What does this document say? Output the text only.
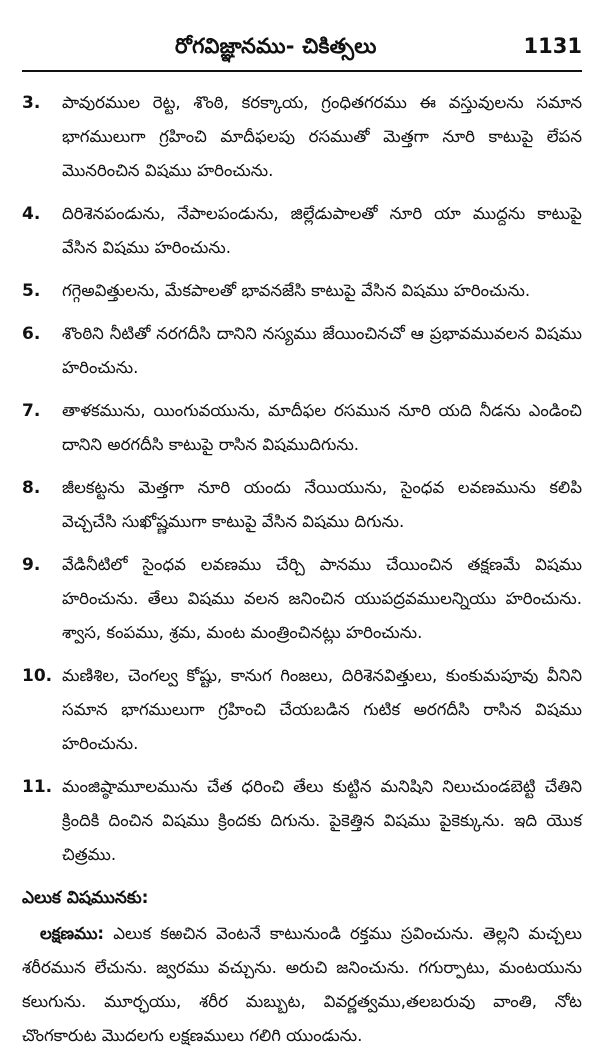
రోగవిజ్ఞానము- చికిత్సలు	1131
3.	పావురముల రెట్ట, శొంఠి, కరక్కాయ, గ్రంధితగరము ఈ వస్తువులను సమాన భాగములుగా గ్రహించి మాదీఫలపు రసముతో మెత్తగా నూరి కాటుపై లేపన మొనరించిన విషము హరించును.
4.	దిరిశెనపండును, నేపాలపండును, జిల్లేడుపాలతో నూరి యా ముద్దను కాటుపై వేసిన విషము హరించును.
5.	గగ్గెఅవిత్తులను, మేకపాలతో భావనజేసి కాటుపై వేసిన విషము హరించును.
6.	శొంఠిని నీటితో నరగదీసి దానిని నస్యము జేయించినచో ఆ ప్రభావమువలన విషము హరించును.
7.	తాళకమును, యింగువయును, మాదీఫల రసమున నూరి యది నీడను ఎండించి దానిని అరగదీసి కాటుపై రాసిన విషముదిగును.
8.	జీలకట్టను మెత్తగా నూరి యందు నేయియును, సైంధవ లవణమును కలిపి వెచ్చచేసి సుఖోష్ణముగా కాటుపై వేసిన విషము దిగును.
9.	వేడినీటిలో సైంధవ లవణము చేర్చి పానము చేయించిన తక్షణమే విషము హరించును. తేలు విషము వలన జనించిన యుపద్రవములన్నియు హరించును. శ్వాస, కంపము, శ్రమ, మంట మంత్రించినట్లు హరించును.
10. మణిశిల, చెంగల్వ కోష్టు, కానుగ గింజలు, దిరిశెనవిత్తులు, కుంకుమపూవు వీనిని సమాన భాగములుగా గ్రహించి చేయబడిన గుటిక అరగదీసి రాసిన విషము హరించును.
11. మంజిష్ఠామూలమును చేత ధరించి తేలు కుట్టిన మనిషిని నిలుచుండబెట్టి చేతిని క్రిందికి దించిన విషము క్రిందకు దిగును. పైకెత్తిన విషము పైకెక్కును. ఇది యొక చిత్రము.
ఎలుక విషమునకు:
లక్షణము: ఎలుక కఱచిన వెంటనే కాటునుండి రక్తము స్రవించును. తెల్లని మచ్చలు శరీరమున లేచును. జ్వరము వచ్చును. అరుచి జనించును. గగుర్పాటు, మంటయును కలుగును. మూర్ఛయు, శరీర మబ్బుట, వివర్ణత్వము,తలబరువు వాంతి, నోట చొంగకారుట మొదలగు లక్షణములు గలిగి యుండును.
